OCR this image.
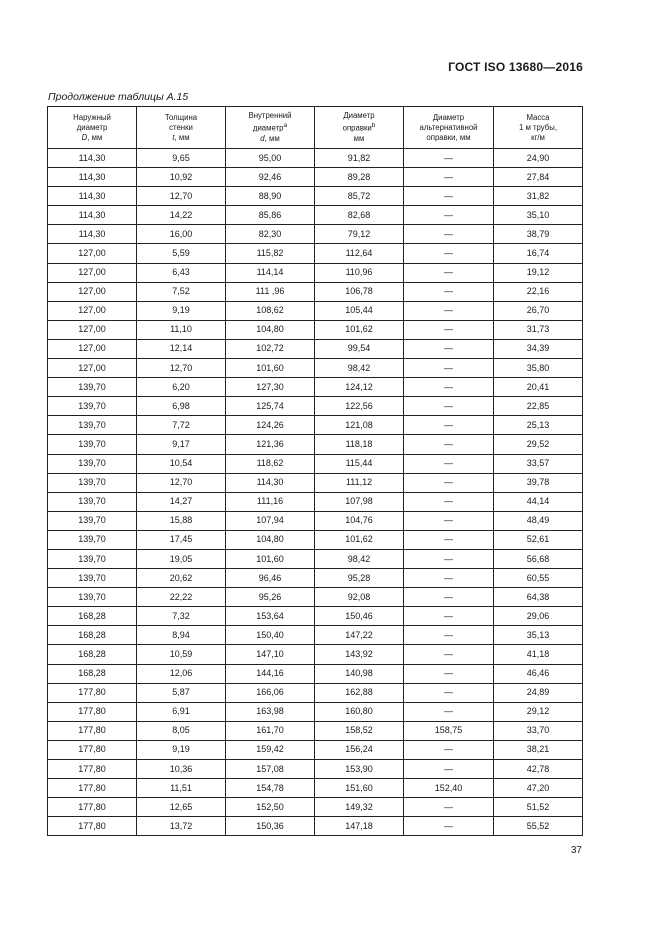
ГОСТ ISO 13680—2016
Продолжение таблицы А.15
Наружный
диаметр
D, мм	Толщина
стенки
t, мм	Внутренний
диаметр$^a$
d, мм	Диаметр
оправки$^b$
мм	Диаметр
альтернативной
оправки, мм	Масса
1 м трубы,
кг/м

114,30	9,65	95,00	91,82	—	24,90
114,30	10,92	92,46	89,28	—	27,84
114,30	12,70	88,90	85,72	—	31,82
114,30	14,22	85,86	82,68	—	35,10
114,30	16,00	82,30	79,12	—	38,79
127,00	5,59	115,82	112,64	—	16,74
127,00	6,43	114,14	110,96	—	19,12
127,00	7,52	111 ,96	106,78	—	22,16
127,00	9,19	108,62	105,44	—	26,70
127,00	11,10	104,80	101,62	—	31,73
127,00	12,14	102,72	99,54	—	34,39
127,00	12,70	101,60	98,42	—	35,80
139,70	6,20	127,30	124,12	—	20,41
139,70	6,98	125,74	122,56	—	22,85
139,70	7,72	124,26	121,08	—	25,13
139,70	9,17	121,36	118,18	—	29,52
139,70	10,54	118,62	115,44	—	33,57
139,70	12,70	114,30	111,12	—	39,78
139,70	14,27	111,16	107,98	—	44,14
139,70	15,88	107,94	104,76	—	48,49
139,70	17,45	104,80	101,62	—	52,61
139,70	19,05	101,60	98,42	—	56,68
139,70	20,62	96,46	95,28	—	60,55
139,70	22,22	95,26	92,08	—	64,38
168,28	7,32	153,64	150,46	—	29,06
168,28	8,94	150,40	147,22	—	35,13
168,28	10,59	147,10	143,92	—	41,18
168,28	12,06	144,16	140,98	—	46,46
177,80	5,87	166,06	162,88	—	24,89
177,80	6,91	163,98	160,80	—	29,12
177,80	8,05	161,70	158,52	158,75	33,70
177,80	9,19	159,42	156,24	—	38,21
177,80	10,36	157,08	153,90	—	42,78
177,80	11,51	154,78	151,60	152,40	47,20
177,80	12,65	152,50	149,32	—	51,52
177,80	13,72	150,36	147,18	—	55,52
37
